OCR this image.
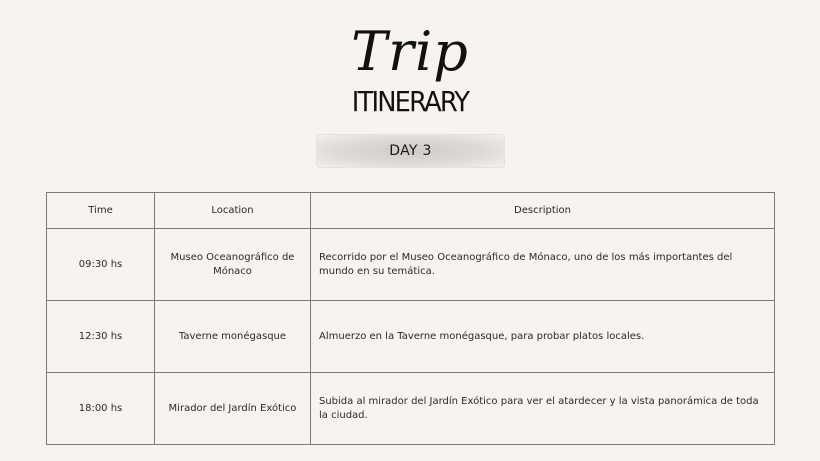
Trip
ITINERARY
DAY 3
Time	Location	Description
09:30 hs	Museo Oceanográfico de Mónaco	Recorrido por el Museo Oceanográfico de Mónaco, uno de los más importantes del mundo en su temática.
12:30 hs	Taverne monégasque	Almuerzo en la Taverne monégasque, para probar platos locales.
18:00 hs	Mirador del Jardín Exótico	Subida al mirador del Jardín Exótico para ver el atardecer y la vista panorámica de toda la ciudad.
